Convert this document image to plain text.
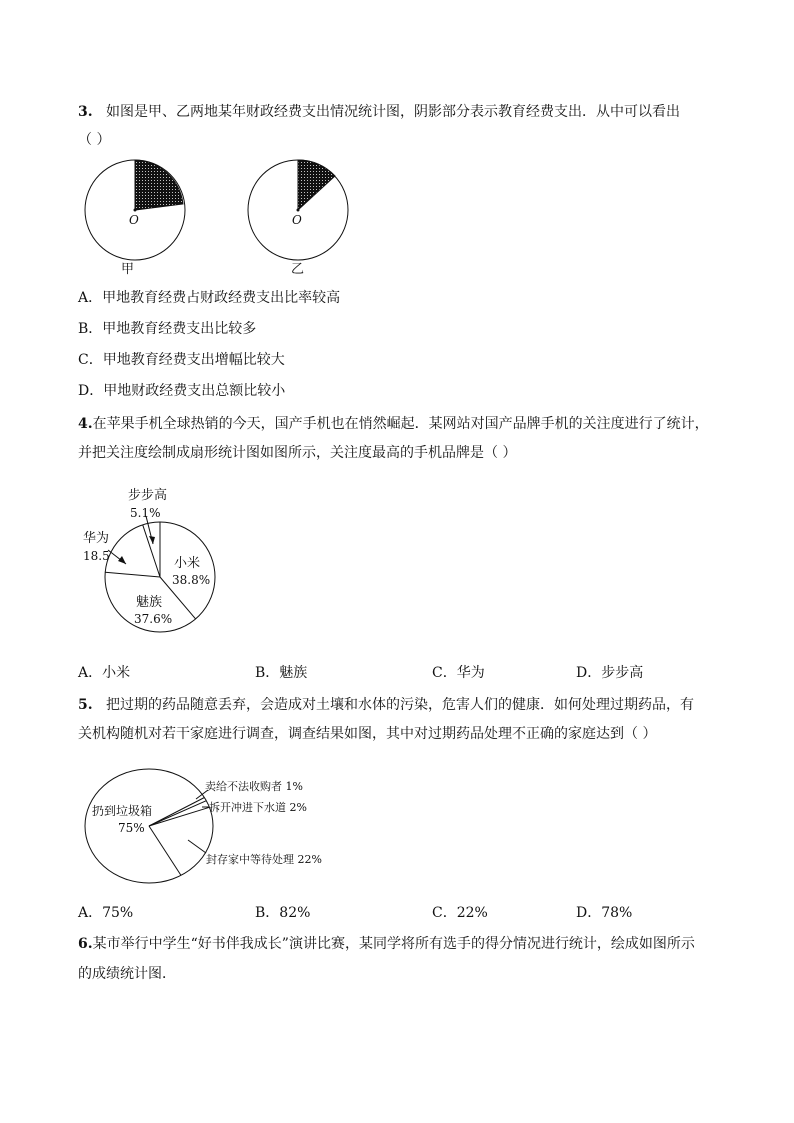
3. 如图是甲、乙两地某年财政经费支出情况统计图，阴影部分表示教育经费支出．从中可以看出
（ ）
O
甲
O
乙
A．甲地教育经费占财政经费支出比率较高
B．甲地教育经费支出比较多
C．甲地教育经费支出增幅比较大
D．甲地财政经费支出总额比较小
4.在苹果手机全球热销的今天，国产手机也在悄然崛起．某网站对国产品牌手机的关注度进行了统计，
并把关注度绘制成扇形统计图如图所示，关注度最高的手机品牌是（ ）
步步高
5.1%
华为
18.5	小米
38.8%
魅族
37.6%
A．小米	B．魅族	C．华为	D．步步高
5. 把过期的药品随意丢弃，会造成对土壤和水体的污染，危害人们的健康．如何处理过期药品，有
关机构随机对若干家庭进行调查，调查结果如图，其中对过期药品处理不正确的家庭达到（ ）
扔到垃圾箱
75%
卖给不法收购者 1%
拆开冲进下水道 2%
封存家中等待处理 22%
A．75%	B．82%	C．22%	D．78%
6.某市举行中学生“好书伴我成长”演讲比赛，某同学将所有选手的得分情况进行统计，绘成如图所示
的成绩统计图．
